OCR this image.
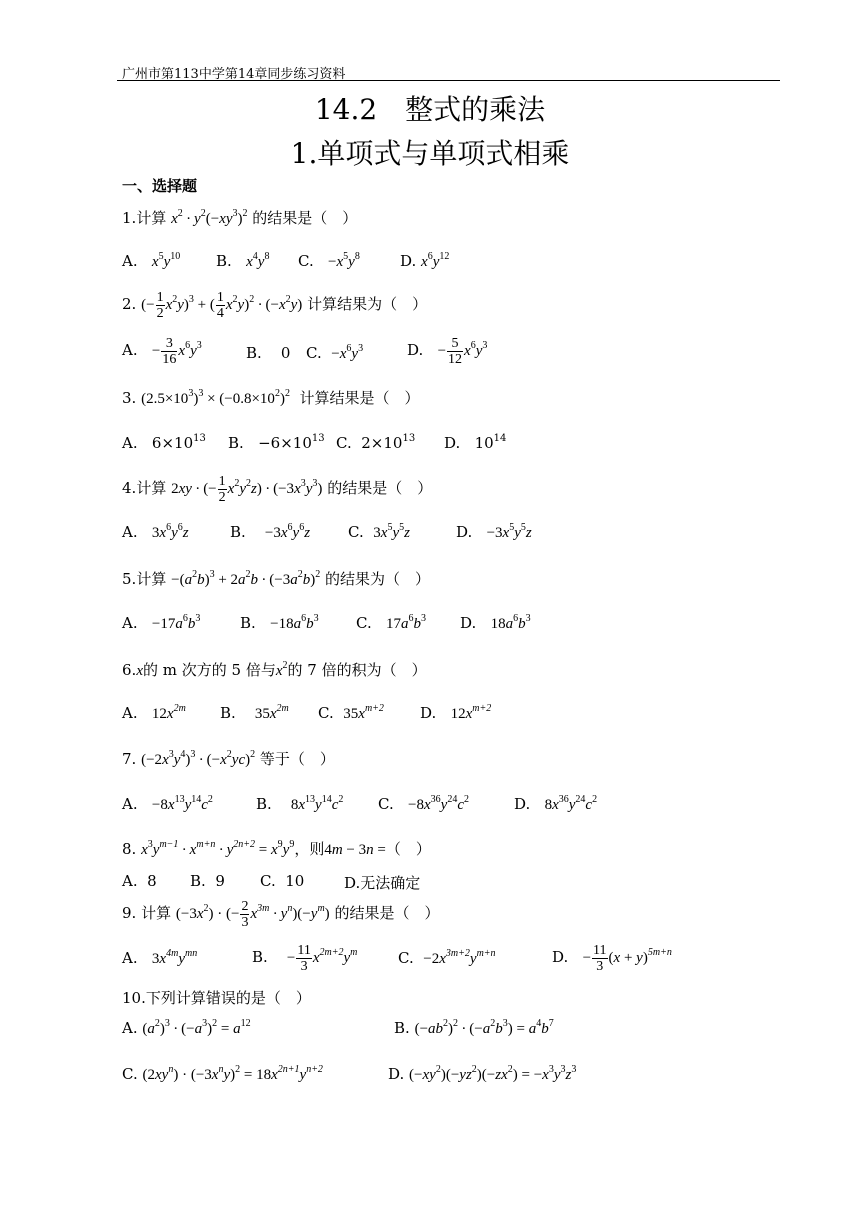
广州市第113中学第14章同步练习资料
14.2　整式的乘法
1.单项式与单项式相乘
一、选择题
1.计算 $x^2 \cdot y^2(-xy^3)^2$ 的结果是（　）
A. $x^5y^{10}$ B. $x^4y^8$ C. $-x^5y^8$	D. $x^6y^{12}$
2. (− $\frac{1}{2} x^2y)^3$ + ( $\frac{1}{4} x^2y)^2 \cdot (-x^2y)$ 计算结果为（　）
A. − $\frac{3}{16} x^6y^3$	B. 0 C. $-x^6y^3$	D. − $\frac{5}{12} x^6y^3$
3. $(2.5\times 10^3)^3 \times (-0.8\times 10^2)^2$ 计算结果是（　）
A.   $6\times 10^{13}$ B.   $-6\times 10^{13}$ C.  $2\times 10^{13}$ D.   $10^{14}$
4.计算 2xy · (− $\frac{1}{2} x^2y^2z) \cdot (-3x^3y^3)$ 的结果是（　）
A. $3x^6y^6z$	B. $-3x^6y^6z$	C. $3x^5y^5z$	D. $-3x^5y^5z$
5.计算 $-(a^2b)^3 + 2a^2b \cdot (-3a^2b)^2$ 的结果为（　）
A. $-17a^6b^3$	B. $-18a^6b^3$ C. $17a^6b^3$ D. $18a^6b^3$
6.x的 m 次方的 5 倍与$x^2$的 7 倍的积为（　）
A. $12x^{2m}$ B. $35x^{2m}$ C. $35x^{m+2}$ D. $12x^{m+2}$
7. $(-2x^3y^4)^3 \cdot (-x^2yc)^2$ 等于（　）
A. $-8x^{13}y^{14}c^2$	B. $8x^{13}y^{14}c^2$ C. $-8x^{36}y^{24}c^2$	D. $8x^{36}y^{24}c^2$
8. $x^3y^{m-1} \cdot x^{m+n} \cdot y^{2n+2} = x^9y^9$，则4m − 3n =（　）
A. 8 B. 9 C. 10	D.无法确定
9. 计算 $(-3x^2)$ · (− $\frac{2}{3} x^{3m} \cdot y^n)(-y^m)$ 的结果是（　）
A. $3x^{4m}y^{mn}$	B. − $\frac{11}{3} x^{2m+2}y^m$	C. $-2x^{3m+2}y^{m+n}$	D. − $\frac{11}{3} (x + y)^{5m+n}$
10.下列计算错误的是（　）
A. $(a^2)^3 \cdot (-a^3)^2 = a^{12}$	B. $(-ab^2)^2 \cdot (-a^2b^3) = a^4b^7$
C. $(2xy^n) \cdot (-3x^ny)^2 = 18x^{2n+1}y^{n+2}$	D. $(-xy^2)(-yz^2)(-zx^2) = -x^3y^3z^3$
